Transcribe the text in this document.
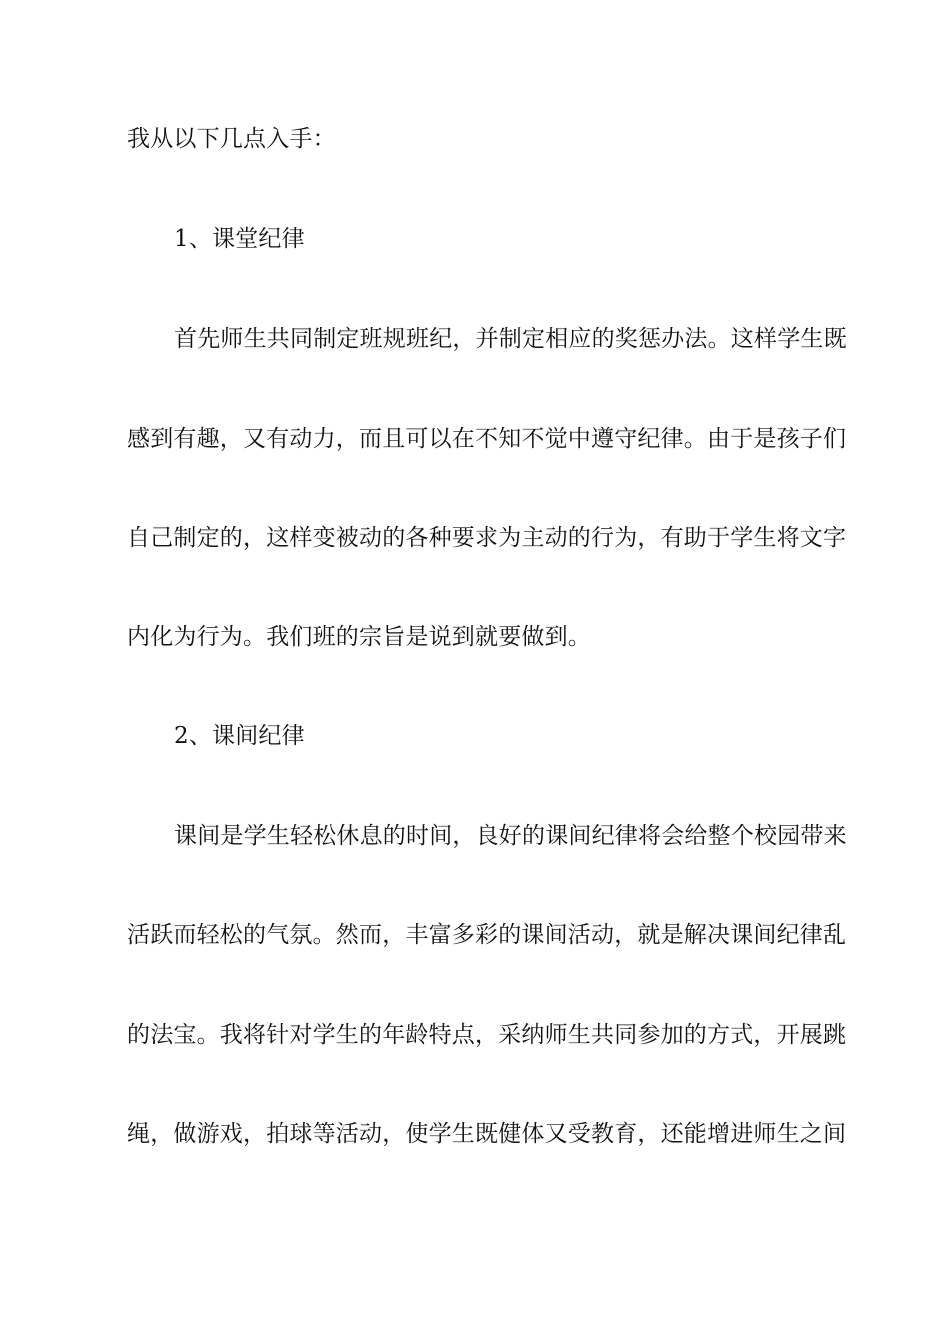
我从以下几点入手：
1、课堂纪律
首先师生共同制定班规班纪，并制定相应的奖惩办法。这样学生既
感到有趣，又有动力，而且可以在不知不觉中遵守纪律。由于是孩子们
自己制定的，这样变被动的各种要求为主动的行为，有助于学生将文字
内化为行为。我们班的宗旨是说到就要做到。
2、课间纪律
课间是学生轻松休息的时间，良好的课间纪律将会给整个校园带来
活跃而轻松的气氛。然而，丰富多彩的课间活动，就是解决课间纪律乱
的法宝。我将针对学生的年龄特点，采纳师生共同参加的方式，开展跳
绳，做游戏，拍球等活动，使学生既健体又受教育，还能增进师生之间
